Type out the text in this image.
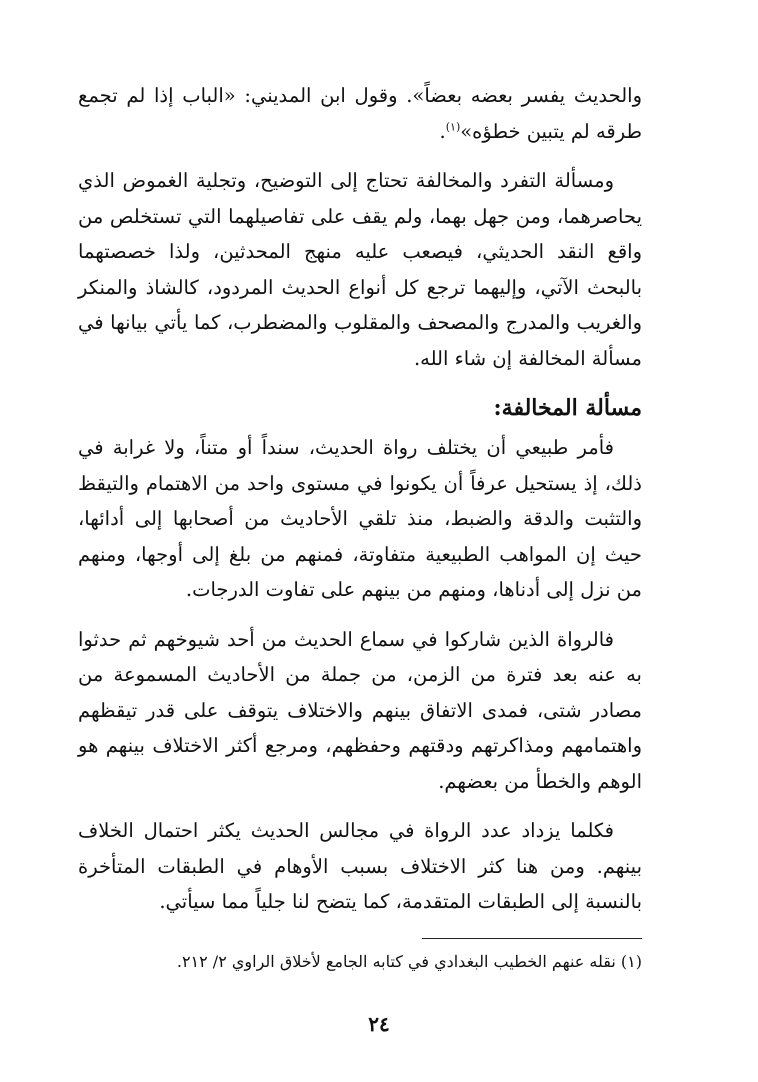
والحديث يفسر بعضه بعضاً». وقول ابن المديني: «الباب إذا لم تجمع طرقه لم يتبين خطؤه»$^{(١)}$.

ومسألة التفرد والمخالفة تحتاج إلى التوضيح، وتجلية الغموض الذي يحاصرهما، ومن جهل بهما، ولم يقف على تفاصيلهما التي تستخلص من واقع النقد الحديثي، فيصعب عليه منهج المحدثين، ولذا خصصتهما بالبحث الآتي، وإليهما ترجع كل أنواع الحديث المردود، كالشاذ والمنكر والغريب والمدرج والمصحف والمقلوب والمضطرب، كما يأتي بيانها في مسألة المخالفة إن شاء الله.

مسألة المخالفة:

فأمر طبيعي أن يختلف رواة الحديث، سنداً أو متناً، ولا غرابة في ذلك، إذ يستحيل عرفاً أن يكونوا في مستوى واحد من الاهتمام والتيقظ والتثبت والدقة والضبط، منذ تلقي الأحاديث من أصحابها إلى أدائها، حيث إن المواهب الطبيعية متفاوتة، فمنهم من بلغ إلى أوجها، ومنهم من نزل إلى أدناها، ومنهم من بينهم على تفاوت الدرجات.

فالرواة الذين شاركوا في سماع الحديث من أحد شيوخهم ثم حدثوا به عنه بعد فترة من الزمن، من جملة من الأحاديث المسموعة من مصادر شتى، فمدى الاتفاق بينهم والاختلاف يتوقف على قدر تيقظهم واهتمامهم ومذاكرتهم ودقتهم وحفظهم، ومرجع أكثر الاختلاف بينهم هو الوهم والخطأ من بعضهم.

فكلما يزداد عدد الرواة في مجالس الحديث يكثر احتمال الخلاف بينهم. ومن هنا كثر الاختلاف بسبب الأوهام في الطبقات المتأخرة بالنسبة إلى الطبقات المتقدمة، كما يتضح لنا جلياً مما سيأتي.

(١) نقله عنهم الخطيب البغدادي في كتابه الجامع لأخلاق الراوي ٢/ ٢١٢.

٢٤
